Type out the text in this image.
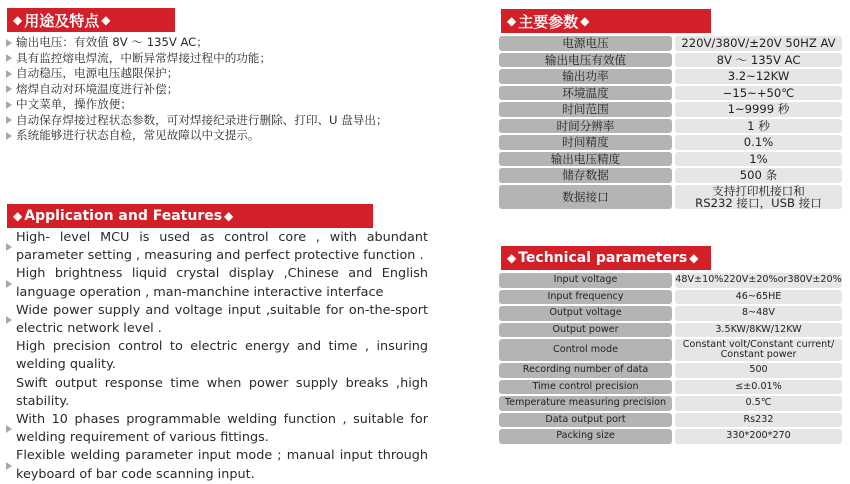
◆ 用途及特点 ◆
输出电压：有效值 8V ～ 135V AC；
具有监控熔电焊流，中断异常焊接过程中的功能；
自动稳压，电源电压越限保护；
熔焊自动对环境温度进行补偿；
中文菜单，操作放便；
自动保存焊接过程状态参数，可对焊接纪录进行删除、打印、U 盘导出；
系统能够进行状态自检，常见故障以中文提示。
◆ Application and Features ◆
High- level MCU is used as control core , with abundant parameter setting , measuring and perfect protective function .
High brightness liquid crystal display ,Chinese and English language operation , man-manchine interactive interface
Wide power supply and voltage input ,suitable for on-the-sport electric network level .
High precision control to electric energy and time , insuring welding quality.
Swift output response time when power supply breaks ,high stability.
With 10 phases programmable welding function , suitable for welding requirement of various fittings.
Flexible welding parameter input mode ; manual input through keyboard of bar code scanning input.
◆ 主要参数 ◆
电源电压		220V/380V/±20V 50HZ AV
输出电压有效值		8V ～ 135V AC
输出功率		3.2~12KW
环境温度		−15~+50℃
时间范围		1~9999 秒
时间分辨率		1 秒
时间精度		0.1%
输出电压精度		1%
储存数据		500 条
数据接口		支持打印机接口和
RS232 接口，USB 接口
◆ Technical parameters ◆
Input voltage		48V±10%220V±20%or380V±20%
Input frequency		46~65HE
Output voltage		8~48V
Output power		3.5KW/8KW/12KW
Control mode		Constant volt/Constant current/
Constant power
Recording number of data		500
Time control precision		≤±0.01%
Temperature measuring precision		0.5℃
Data output port		Rs232
Packing size		330*200*270
